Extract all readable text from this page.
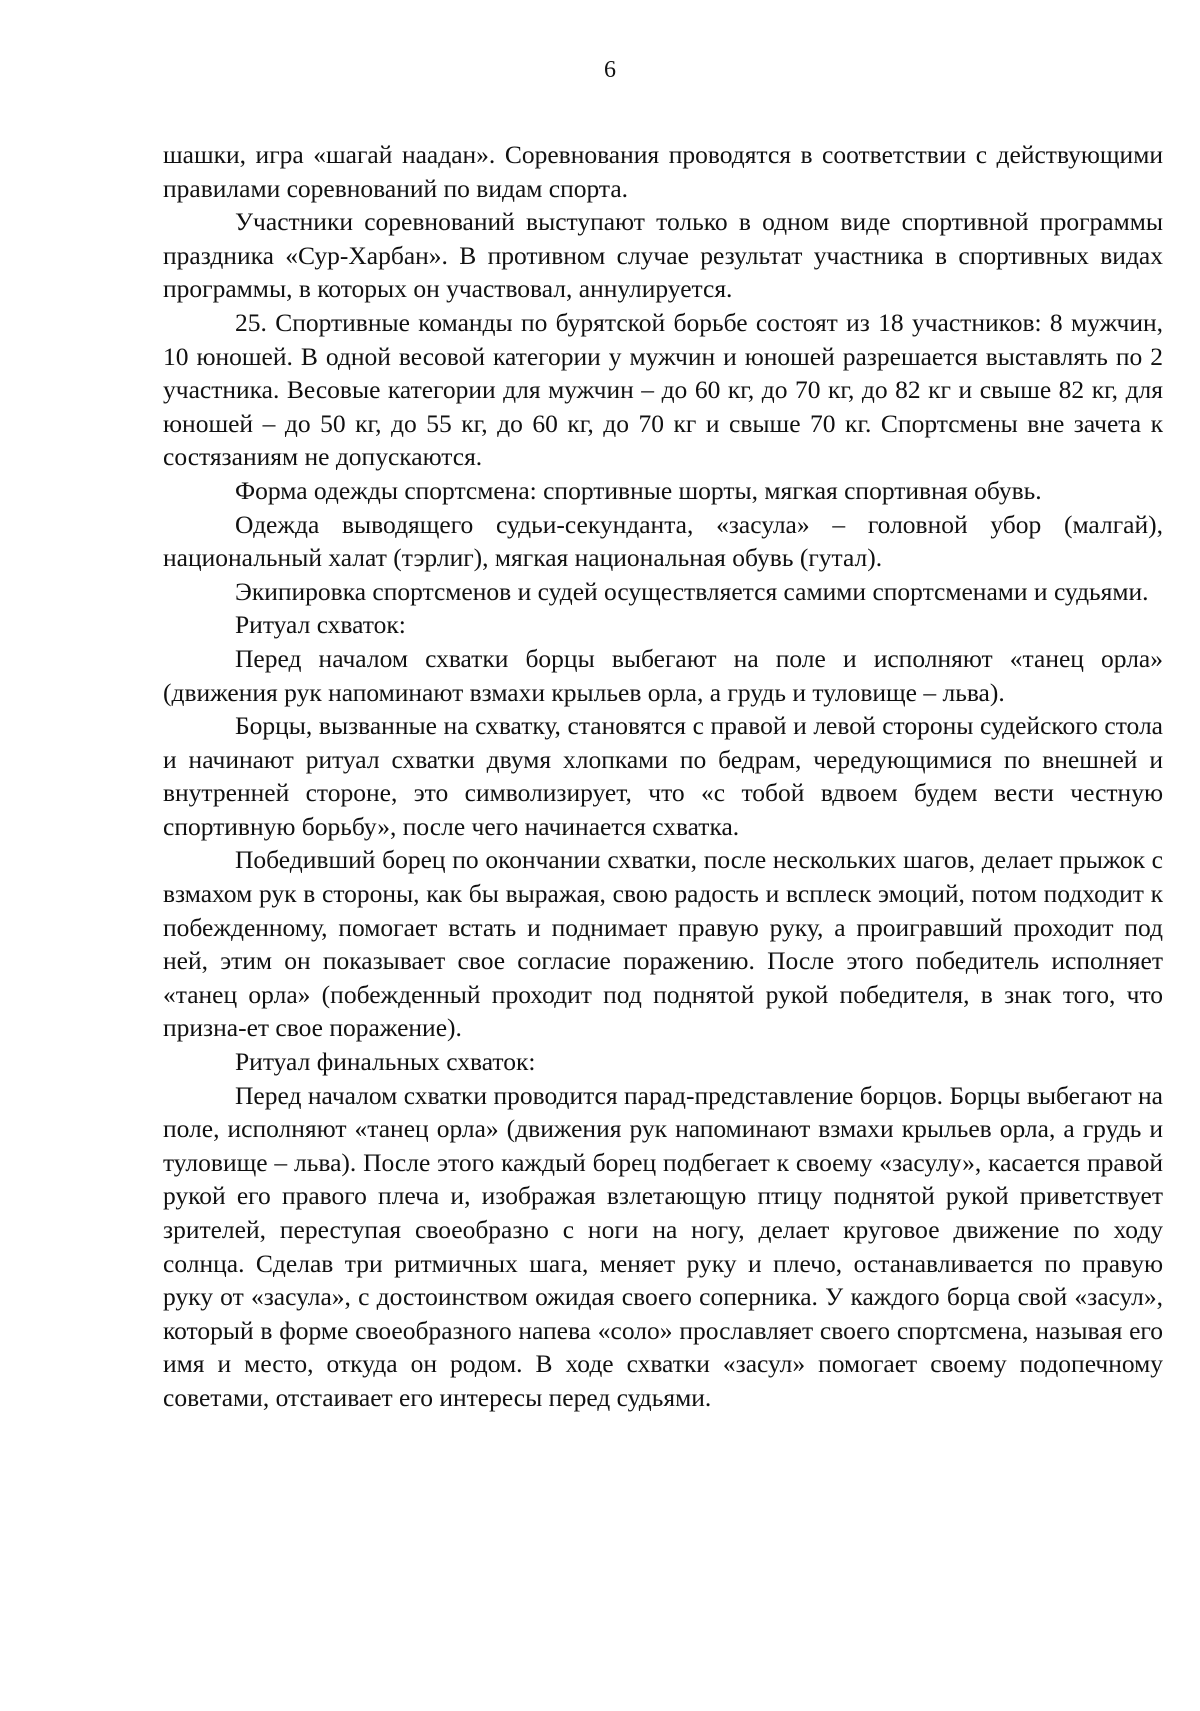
6

шашки, игра «шагай наадан». Соревнования проводятся в соответствии с действующими правилами соревнований по видам спорта.

Участники соревнований выступают только в одном виде спортивной программы праздника «Сур-Харбан». В противном случае результат участника в спортивных видах программы, в которых он участвовал, аннулируется.

25. Спортивные команды по бурятской борьбе состоят из 18 участников: 8 мужчин, 10 юношей. В одной весовой категории у мужчин и юношей разрешается выставлять по 2 участника. Весовые категории для мужчин – до 60 кг, до 70 кг, до 82 кг и свыше 82 кг, для юношей – до 50 кг, до 55 кг, до 60 кг, до 70 кг и свыше 70 кг. Спортсмены вне зачета к состязаниям не допускаются.

Форма одежды спортсмена: спортивные шорты, мягкая спортивная обувь.

Одежда выводящего судьи-секунданта, «засула» – головной убор (малгай), национальный халат (тэрлиг), мягкая национальная обувь (гутал).

Экипировка спортсменов и судей осуществляется самими спортсменами и судьями.

Ритуал схваток:

Перед началом схватки борцы выбегают на поле и исполняют «танец орла» (движения рук напоминают взмахи крыльев орла, а грудь и туловище – льва).

Борцы, вызванные на схватку, становятся с правой и левой стороны судейского стола и начинают ритуал схватки двумя хлопками по бедрам, чередующимися по внешней и внутренней стороне, это символизирует, что «с тобой вдвоем будем вести честную спортивную борьбу», после чего начинается схватка.

Победивший борец по окончании схватки, после нескольких шагов, делает прыжок с взмахом рук в стороны, как бы выражая, свою радость и всплеск эмоций, потом подходит к побежденному, помогает встать и поднимает правую руку, а проигравший проходит под ней, этим он показывает свое согласие поражению. После этого победитель исполняет «танец орла» (побежденный проходит под поднятой рукой победителя, в знак того, что призна-ет свое поражение).

Ритуал финальных схваток:

Перед началом схватки проводится парад-представление борцов. Борцы выбегают на поле, исполняют «танец орла» (движения рук напоминают взмахи крыльев орла, а грудь и туловище – льва). После этого каждый борец подбегает к своему «засулу», касается правой рукой его правого плеча и, изображая взлетающую птицу поднятой рукой приветствует зрителей, переступая своеобразно с ноги на ногу, делает круговое движение по ходу солнца. Сделав три ритмичных шага, меняет руку и плечо, останавливается по правую руку от «засула», с достоинством ожидая своего соперника. У каждого борца свой «засул», который в форме своеобразного напева «соло» прославляет своего спортсмена, называя его имя и место, откуда он родом. В ходе схватки «засул» помогает своему подопечному советами, отстаивает его интересы перед судьями.
